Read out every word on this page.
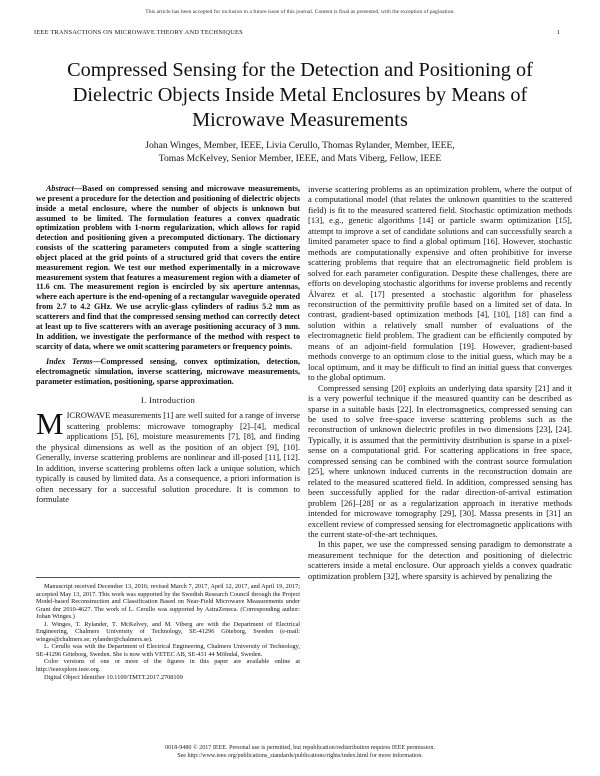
This article has been accepted for inclusion in a future issue of this journal. Content is final as presented, with the exception of pagination.
IEEE TRANSACTIONS ON MICROWAVE THEORY AND TECHNIQUES	1
Compressed Sensing for the Detection and Positioning of Dielectric Objects Inside Metal Enclosures by Means of Microwave Measurements
Johan Winges, Member, IEEE, Livia Cerullo, Thomas Rylander, Member, IEEE,
Tomas McKelvey, Senior Member, IEEE, and Mats Viberg, Fellow, IEEE

Abstract—Based on compressed sensing and microwave measurements, we present a procedure for the detection and positioning of dielectric objects inside a metal enclosure, where the number of objects is unknown but assumed to be limited. The formulation features a convex quadratic optimization problem with 1-norm regularization, which allows for rapid detection and positioning given a precomputed dictionary. The dictionary consists of the scattering parameters computed from a single scattering object placed at the grid points of a structured grid that covers the entire measurement region. We test our method experimentally in a microwave measurement system that features a measurement region with a diameter of 11.6 cm. The measurement region is encircled by six aperture antennas, where each aperture is the end-opening of a rectangular waveguide operated from 2.7 to 4.2 GHz. We use acrylic-glass cylinders of radius 5.2 mm as scatterers and find that the compressed sensing method can correctly detect at least up to five scatterers with an average positioning accuracy of 3 mm. In addition, we investigate the performance of the method with respect to scarcity of data, where we omit scattering parameters or frequency points.

Index Terms—Compressed sensing, convex optimization, detection, electromagnetic simulation, inverse scattering, microwave measurements, parameter estimation, positioning, sparse approximation.

I. Introduction

MICROWAVE measurements [1] are well suited for a range of inverse scattering problems: microwave tomography [2]–[4], medical applications [5], [6], moisture measurements [7], [8], and finding the physical dimensions as well as the position of an object [9], [10]. Generally, inverse scattering problems are nonlinear and ill-posed [11], [12]. In addition, inverse scattering problems often lack a unique solution, which typically is caused by limited data. As a consequence, a priori information is often necessary for a successful solution procedure. It is common to formulate

Manuscript received December 13, 2016; revised March 7, 2017, April 12, 2017, and April 19, 2017; accepted May 13, 2017. This work was supported by the Swedish Research Council through the Project Model-based Reconstruction and Classification Based on Near-Field Microwave Measurements under Grant dnr 2010-4627. The work of L. Cerullo was supported by AstraZeneca. (Corresponding author: Johan Winges.)

J. Winges, T. Rylander, T. McKelvey, and M. Viberg are with the Department of Electrical Engineering, Chalmers University of Technology, SE-41296 Göteborg, Sweden (e-mail: winges@chalmers.se; rylander@chalmers.se).

L. Cerullo was with the Department of Electrical Engineering, Chalmers University of Technology, SE-41296 Göteborg, Sweden. She is now with VETEC AB, SE-431 44 Mölndal, Sweden.

Color versions of one or more of the figures in this paper are available online at http://ieeexplore.ieee.org.

Digital Object Identifier 10.1109/TMTT.2017.2708109

inverse scattering problems as an optimization problem, where the output of a computational model (that relates the unknown quantities to the scattered field) is fit to the measured scattered field. Stochastic optimization methods [13], e.g., genetic algorithms [14] or particle swarm optimization [15], attempt to improve a set of candidate solutions and can successfully search a limited parameter space to find a global optimum [16]. However, stochastic methods are computationally expensive and often prohibitive for inverse scattering problems that require that an electromagnetic field problem is solved for each parameter configuration. Despite these challenges, there are efforts on developing stochastic algorithms for inverse problems and recently Álvarez et al. [17] presented a stochastic algorithm for phaseless reconstruction of the permittivity profile based on a limited set of data. In contrast, gradient-based optimization methods [4], [10], [18] can find a solution within a relatively small number of evaluations of the electromagnetic field problem. The gradient can be efficiently computed by means of an adjoint-field formulation [19]. However, gradient-based methods converge to an optimum close to the initial guess, which may be a local optimum, and it may be difficult to find an initial guess that converges to the global optimum.

Compressed sensing [20] exploits an underlying data sparsity [21] and it is a very powerful technique if the measured quantity can be described as sparse in a suitable basis [22]. In electromagnetics, compressed sensing can be used to solve free-space inverse scattering problems such as the reconstruction of unknown dielectric profiles in two dimensions [23], [24]. Typically, it is assumed that the permittivity distribution is sparse in a pixel-sense on a computational grid. For scattering applications in free space, compressed sensing can be combined with the contrast source formulation [25], where unknown induced currents in the reconstruction domain are related to the measured scattered field. In addition, compressed sensing has been successfully applied for the radar direction-of-arrival estimation problem [26]–[28] or as a regularization approach in iterative methods intended for microwave tomography [29], [30]. Massa presents in [31] an excellent review of compressed sensing for electromagnetic applications with the current state-of-the-art techniques.

In this paper, we use the compressed sensing paradigm to demonstrate a measurement technique for the detection and positioning of dielectric scatterers inside a metal enclosure. Our approach yields a convex quadratic optimization problem [32], where sparsity is achieved by penalizing the

0018-9480 © 2017 IEEE. Personal use is permitted, but republication/redistribution requires IEEE permission.
See http://www.ieee.org/publications_standards/publications/rights/index.html for more information.
